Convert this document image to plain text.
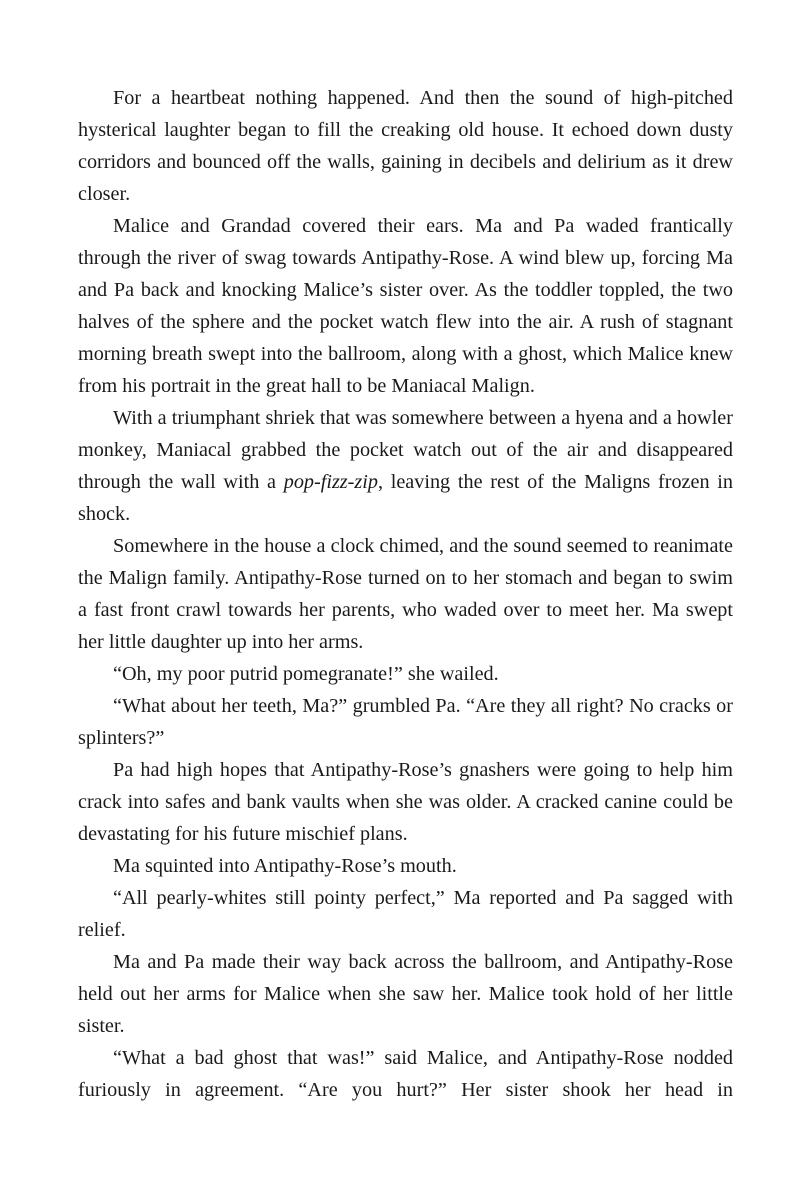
For a heartbeat nothing happened. And then the sound of high-pitched hysterical laughter began to fill the creaking old house. It echoed down dusty corridors and bounced off the walls, gaining in decibels and delirium as it drew closer.

Malice and Grandad covered their ears. Ma and Pa waded frantically through the river of swag towards Antipathy-Rose. A wind blew up, forcing Ma and Pa back and knocking Malice’s sister over. As the toddler toppled, the two halves of the sphere and the pocket watch flew into the air. A rush of stagnant morning breath swept into the ballroom, along with a ghost, which Malice knew from his portrait in the great hall to be Maniacal Malign.

With a triumphant shriek that was somewhere between a hyena and a howler monkey, Maniacal grabbed the pocket watch out of the air and disappeared through the wall with a pop-fizz-zip, leaving the rest of the Maligns frozen in shock.

Somewhere in the house a clock chimed, and the sound seemed to reanimate the Malign family. Antipathy-Rose turned on to her stomach and began to swim a fast front crawl towards her parents, who waded over to meet her. Ma swept her little daughter up into her arms.

“Oh, my poor putrid pomegranate!” she wailed.

“What about her teeth, Ma?” grumbled Pa. “Are they all right? No cracks or splinters?”

Pa had high hopes that Antipathy-Rose’s gnashers were going to help him crack into safes and bank vaults when she was older. A cracked canine could be devastating for his future mischief plans.

Ma squinted into Antipathy-Rose’s mouth.

“All pearly-whites still pointy perfect,” Ma reported and Pa sagged with relief.

Ma and Pa made their way back across the ballroom, and Antipathy-Rose held out her arms for Malice when she saw her. Malice took hold of her little sister.

“What a bad ghost that was!” said Malice, and Antipathy-Rose nodded furiously in agreement. “Are you hurt?” Her sister shook her head in
